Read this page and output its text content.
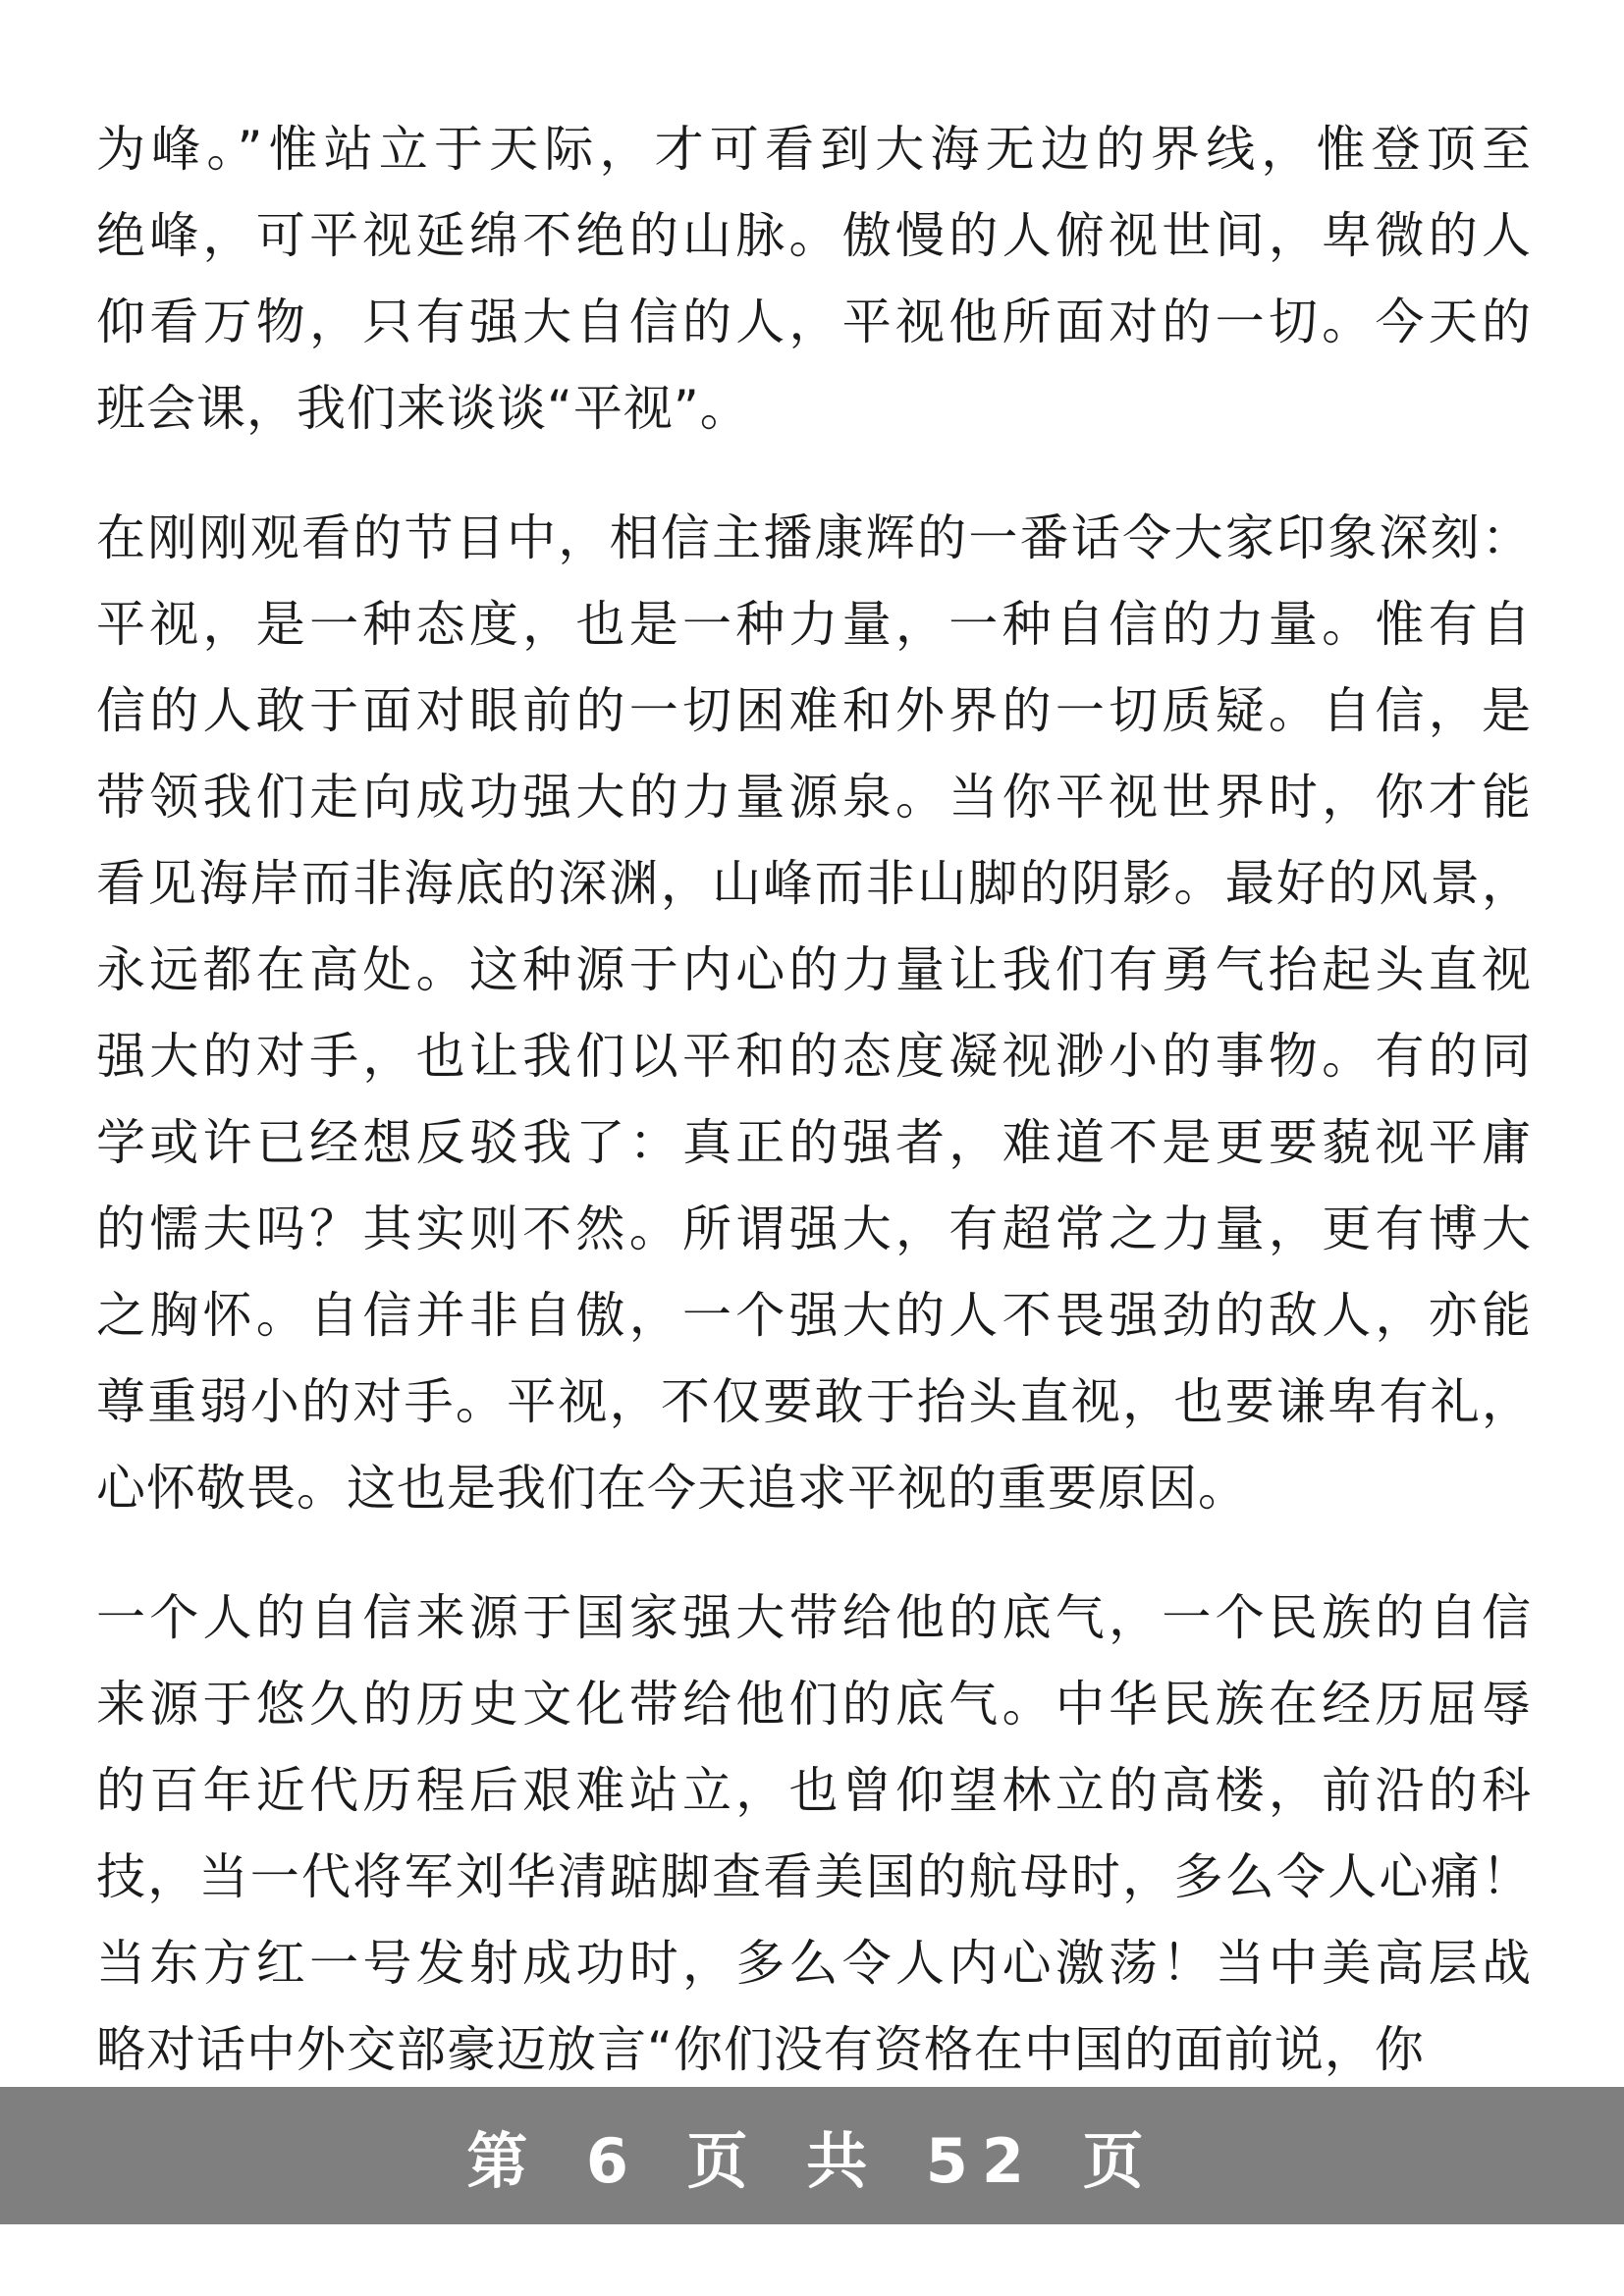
为峰。”惟站立于天际，才可看到大海无边的界线，惟登顶至
绝峰，可平视延绵不绝的山脉。傲慢的人俯视世间，卑微的人
仰看万物，只有强大自信的人，平视他所面对的一切。今天的
班会课，我们来谈谈“平视”。

在刚刚观看的节目中，相信主播康辉的一番话令大家印象深刻：
平视，是一种态度，也是一种力量，一种自信的力量。惟有自
信的人敢于面对眼前的一切困难和外界的一切质疑。自信，是
带领我们走向成功强大的力量源泉。当你平视世界时，你才能
看见海岸而非海底的深渊，山峰而非山脚的阴影。最好的风景，
永远都在高处。这种源于内心的力量让我们有勇气抬起头直视
强大的对手，也让我们以平和的态度凝视渺小的事物。有的同
学或许已经想反驳我了：真正的强者，难道不是更要藐视平庸
的懦夫吗？其实则不然。所谓强大，有超常之力量，更有博大
之胸怀。自信并非自傲，一个强大的人不畏强劲的敌人，亦能
尊重弱小的对手。平视，不仅要敢于抬头直视，也要谦卑有礼，
心怀敬畏。这也是我们在今天追求平视的重要原因。

一个人的自信来源于国家强大带给他的底气，一个民族的自信
来源于悠久的历史文化带给他们的底气。中华民族在经历屈辱
的百年近代历程后艰难站立，也曾仰望林立的高楼，前沿的科
技，当一代将军刘华清踮脚查看美国的航母时，多么令人心痛！
当东方红一号发射成功时，多么令人内心激荡！当中美高层战
略对话中外交部豪迈放言“你们没有资格在中国的面前说，你

第 6 页 共 52 页
